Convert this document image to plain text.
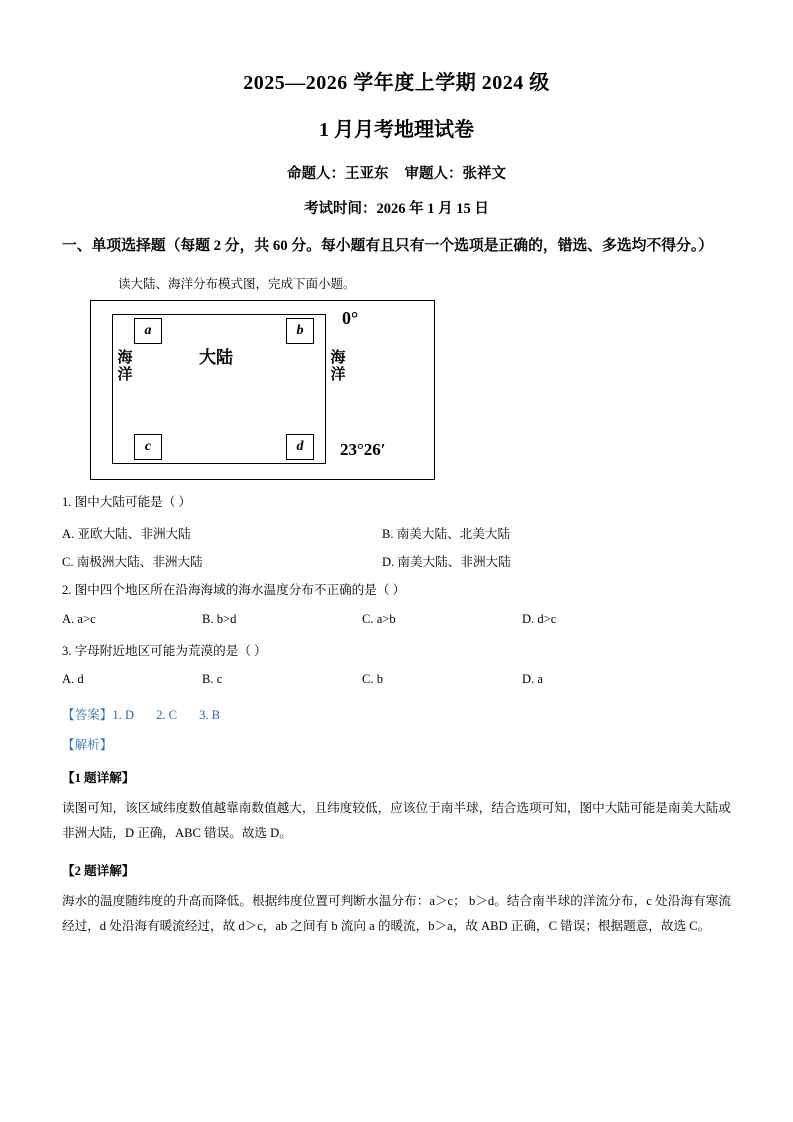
2025—2026 学年度上学期 2024 级
1 月月考地理试卷
命题人：王亚东 审题人：张祥文
考试时间：2026 年 1 月 15 日
一、单项选择题（每题 2 分，共 60 分。每小题有且只有一个选项是正确的，错选、多选均不得分。）
读大陆、海洋分布模式图，完成下面小题。
大陆
海洋
海洋
a	b
c	d
0°
23°26′
1. 图中大陆可能是（ ）
A. 亚欧大陆、非洲大陆	B. 南美大陆、北美大陆
C. 南极洲大陆、非洲大陆	D. 南美大陆、非洲大陆
2. 图中四个地区所在沿海海域的海水温度分布不正确的是（ ）
A. a>c	B. b>d	C. a>b	D. d>c
3. 字母附近地区可能为荒漠的是（ ）
A. d	B. c	C. b	D. a
【答案】1. D 2. C 3. B
【解析】
【1 题详解】
读图可知，该区域纬度数值越靠南数值越大，且纬度较低，应该位于南半球，结合选项可知，图中大陆可能是南美大陆或非洲大陆，D 正确，ABC 错误。故选 D。
【2 题详解】
海水的温度随纬度的升高而降低。根据纬度位置可判断水温分布：a＞c； b＞d。结合南半球的洋流分布，c 处沿海有寒流经过，d 处沿海有暖流经过，故 d＞c，ab 之间有 b 流向 a 的暖流，b＞a，故 ABD 正确，C 错误；根据题意，故选 C。
